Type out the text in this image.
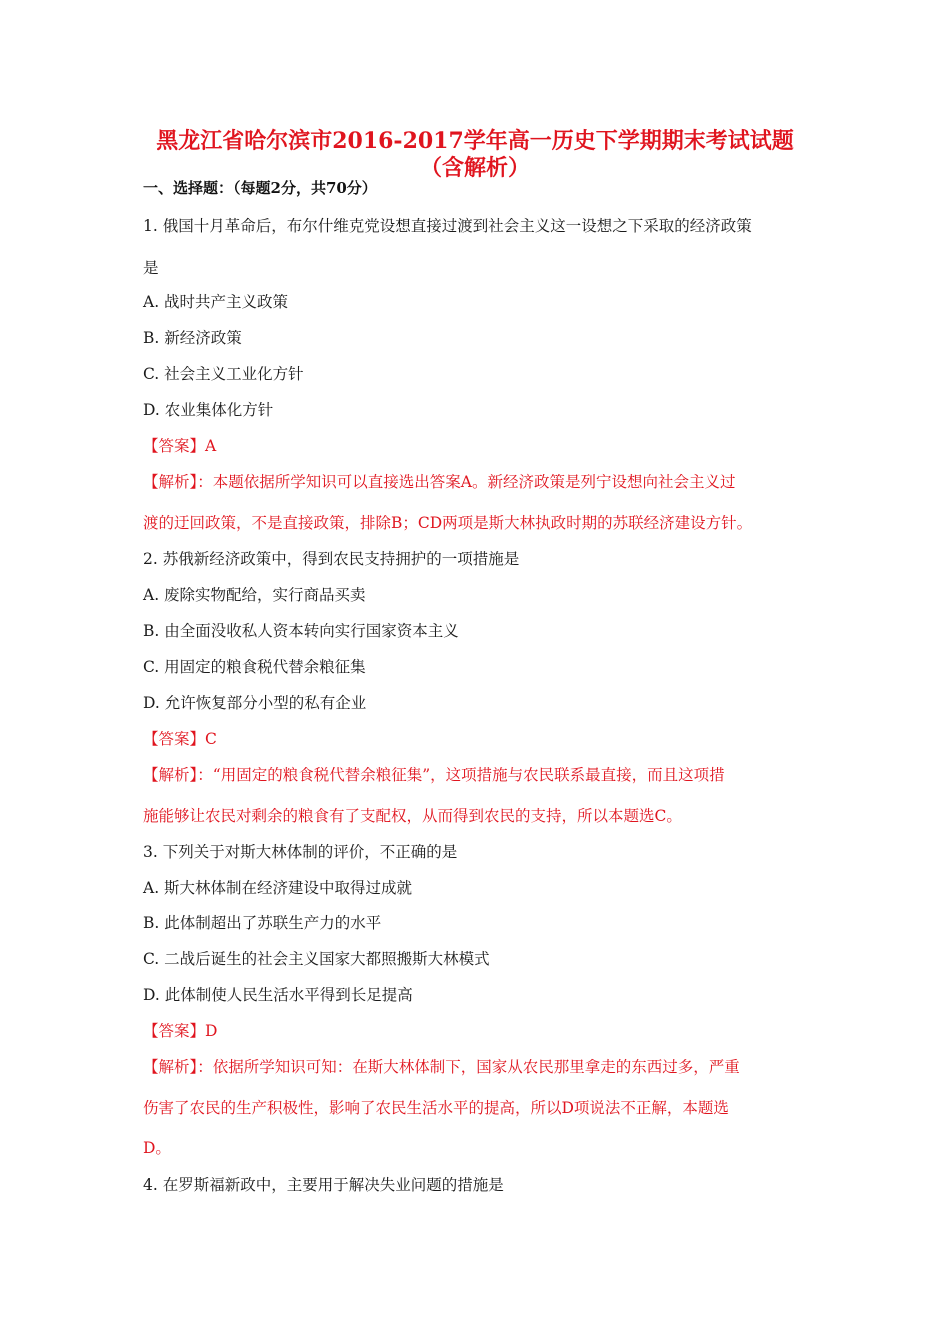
黑龙江省哈尔滨市2016-2017学年高一历史下学期期末考试试题
（含解析）
一、选择题：（每题2分，共70分）
1. 俄国十月革命后，布尔什维克党设想直接过渡到社会主义这一设想之下采取的经济政策
是
A. 战时共产主义政策
B. 新经济政策
C. 社会主义工业化方针
D. 农业集体化方针
【答案】A
【解析】：本题依据所学知识可以直接选出答案A。新经济政策是列宁设想向社会主义过
渡的迂回政策，不是直接政策，排除B；CD两项是斯大林执政时期的苏联经济建设方针。
2. 苏俄新经济政策中，得到农民支持拥护的一项措施是
A. 废除实物配给，实行商品买卖
B. 由全面没收私人资本转向实行国家资本主义
C. 用固定的粮食税代替余粮征集
D. 允许恢复部分小型的私有企业
【答案】C
【解析】：“用固定的粮食税代替余粮征集”，这项措施与农民联系最直接，而且这项措
施能够让农民对剩余的粮食有了支配权，从而得到农民的支持，所以本题选C。
3. 下列关于对斯大林体制的评价，不正确的是
A. 斯大林体制在经济建设中取得过成就
B. 此体制超出了苏联生产力的水平
C. 二战后诞生的社会主义国家大都照搬斯大林模式
D. 此体制使人民生活水平得到长足提高
【答案】D
【解析】：依据所学知识可知：在斯大林体制下，国家从农民那里拿走的东西过多，严重
伤害了农民的生产积极性，影响了农民生活水平的提高，所以D项说法不正解，本题选
D。
4. 在罗斯福新政中，主要用于解决失业问题的措施是
